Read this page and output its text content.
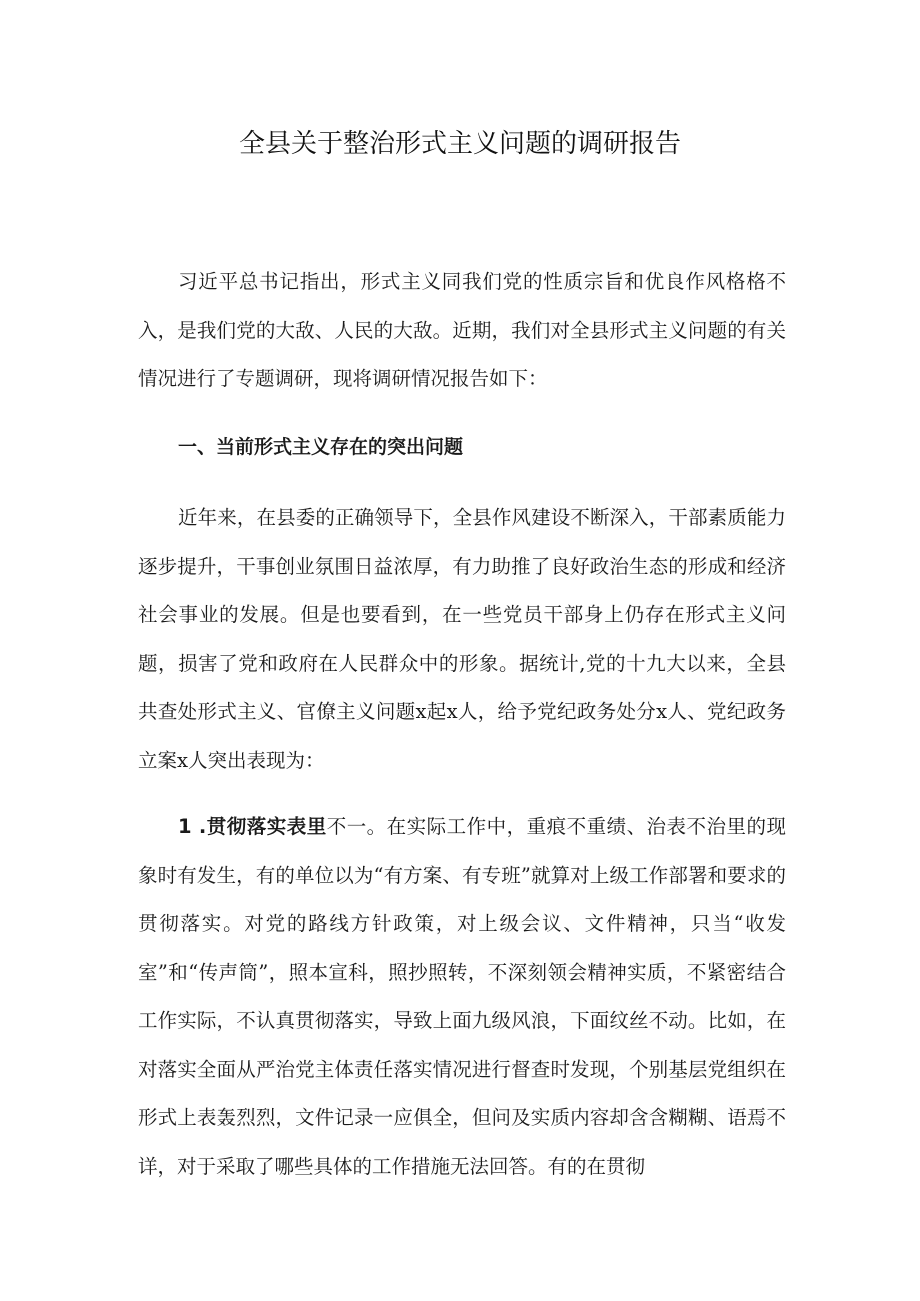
全县关于整治形式主义问题的调研报告

习近平总书记指出，形式主义同我们党的性质宗旨和优良作风格格不入，是我们党的大敌、人民的大敌。近期，我们对全县形式主义问题的有关情况进行了专题调研，现将调研情况报告如下：

一、当前形式主义存在的突出问题

近年来，在县委的正确领导下，全县作风建设不断深入，干部素质能力逐步提升，干事创业氛围日益浓厚，有力助推了良好政治生态的形成和经济社会事业的发展。但是也要看到，在一些党员干部身上仍存在形式主义问题，损害了党和政府在人民群众中的形象。据统计,党的十九大以来，全县共查处形式主义、官僚主义问题x起x人，给予党纪政务处分x人、党纪政务立案x人突出表现为：

1 .贯彻落实表里不一。在实际工作中，重痕不重绩、治表不治里的现象时有发生，有的单位以为“有方案、有专班”就算对上级工作部署和要求的贯彻落实。对党的路线方针政策，对上级会议、文件精神，只当“收发室”和“传声筒”，照本宣科，照抄照转，不深刻领会精神实质，不紧密结合工作实际，不认真贯彻落实，导致上面九级风浪，下面纹丝不动。比如，在对落实全面从严治党主体责任落实情况进行督查时发现，个别基层党组织在形式上表轰烈烈，文件记录一应俱全，但问及实质内容却含含糊糊、语焉不详，对于采取了哪些具体的工作措施无法回答。有的在贯彻
